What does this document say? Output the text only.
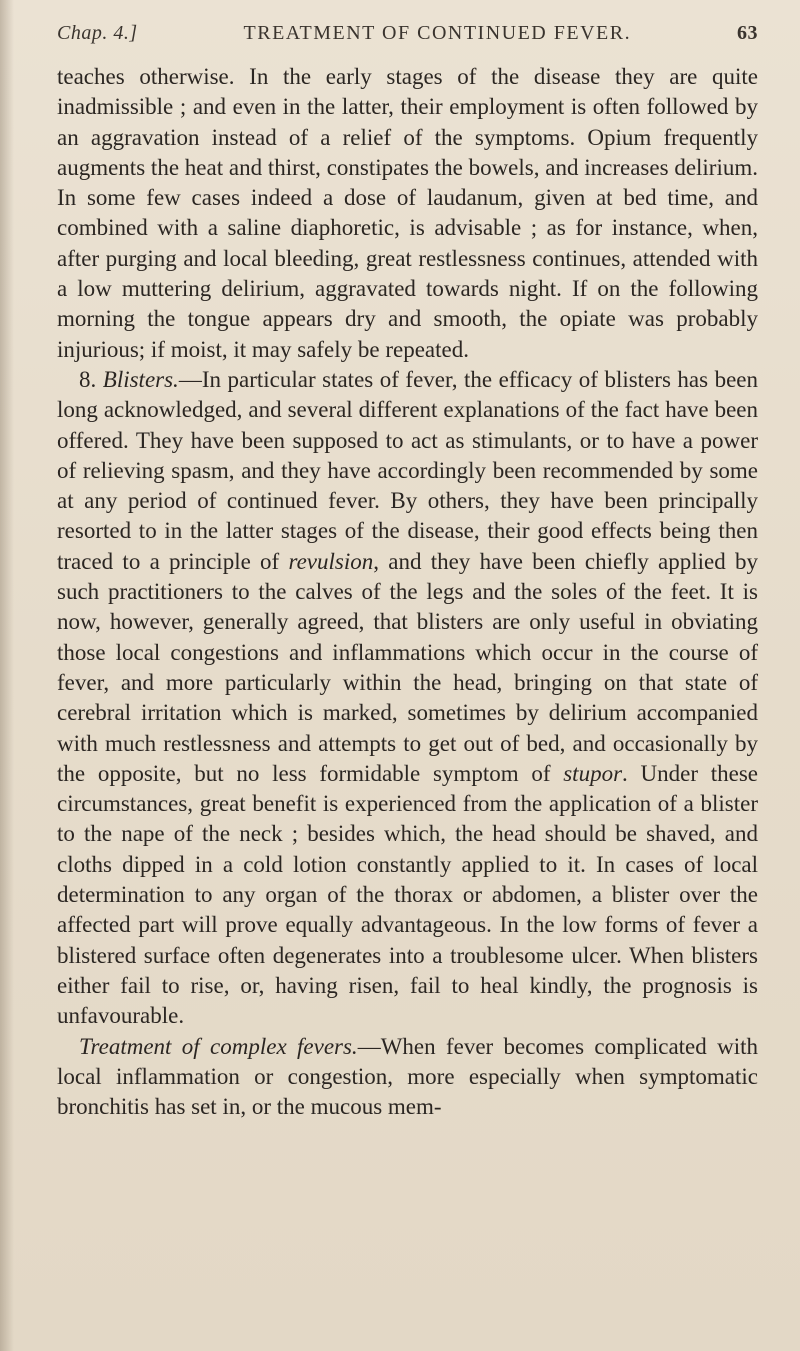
Chap. 4.]	TREATMENT OF CONTINUED FEVER.	63

teaches otherwise. In the early stages of the disease they are quite inadmissible ; and even in the latter, their employment is often followed by an aggravation instead of a relief of the symptoms. Opium frequently augments the heat and thirst, constipates the bowels, and increases delirium. In some few cases indeed a dose of laudanum, given at bed time, and combined with a saline diaphoretic, is advisable ; as for instance, when, after purging and local bleeding, great restlessness continues, attended with a low muttering delirium, aggravated towards night. If on the following morning the tongue appears dry and smooth, the opiate was probably injurious; if moist, it may safely be repeated.

8. Blisters.—In particular states of fever, the efficacy of blisters has been long acknowledged, and several different explanations of the fact have been offered. They have been supposed to act as stimulants, or to have a power of relieving spasm, and they have accordingly been recommended by some at any period of continued fever. By others, they have been principally resorted to in the latter stages of the disease, their good effects being then traced to a principle of revulsion, and they have been chiefly applied by such practitioners to the calves of the legs and the soles of the feet. It is now, however, generally agreed, that blisters are only useful in obviating those local congestions and inflammations which occur in the course of fever, and more particularly within the head, bringing on that state of cerebral irritation which is marked, sometimes by delirium accompanied with much restlessness and attempts to get out of bed, and occasionally by the opposite, but no less formidable symptom of stupor. Under these circumstances, great benefit is experienced from the application of a blister to the nape of the neck ; besides which, the head should be shaved, and cloths dipped in a cold lotion constantly applied to it. In cases of local determination to any organ of the thorax or abdomen, a blister over the affected part will prove equally advantageous. In the low forms of fever a blistered surface often degenerates into a troublesome ulcer. When blisters either fail to rise, or, having risen, fail to heal kindly, the prognosis is unfavourable.

Treatment of complex fevers.—When fever becomes complicated with local inflammation or congestion, more especially when symptomatic bronchitis has set in, or the mucous mem-
